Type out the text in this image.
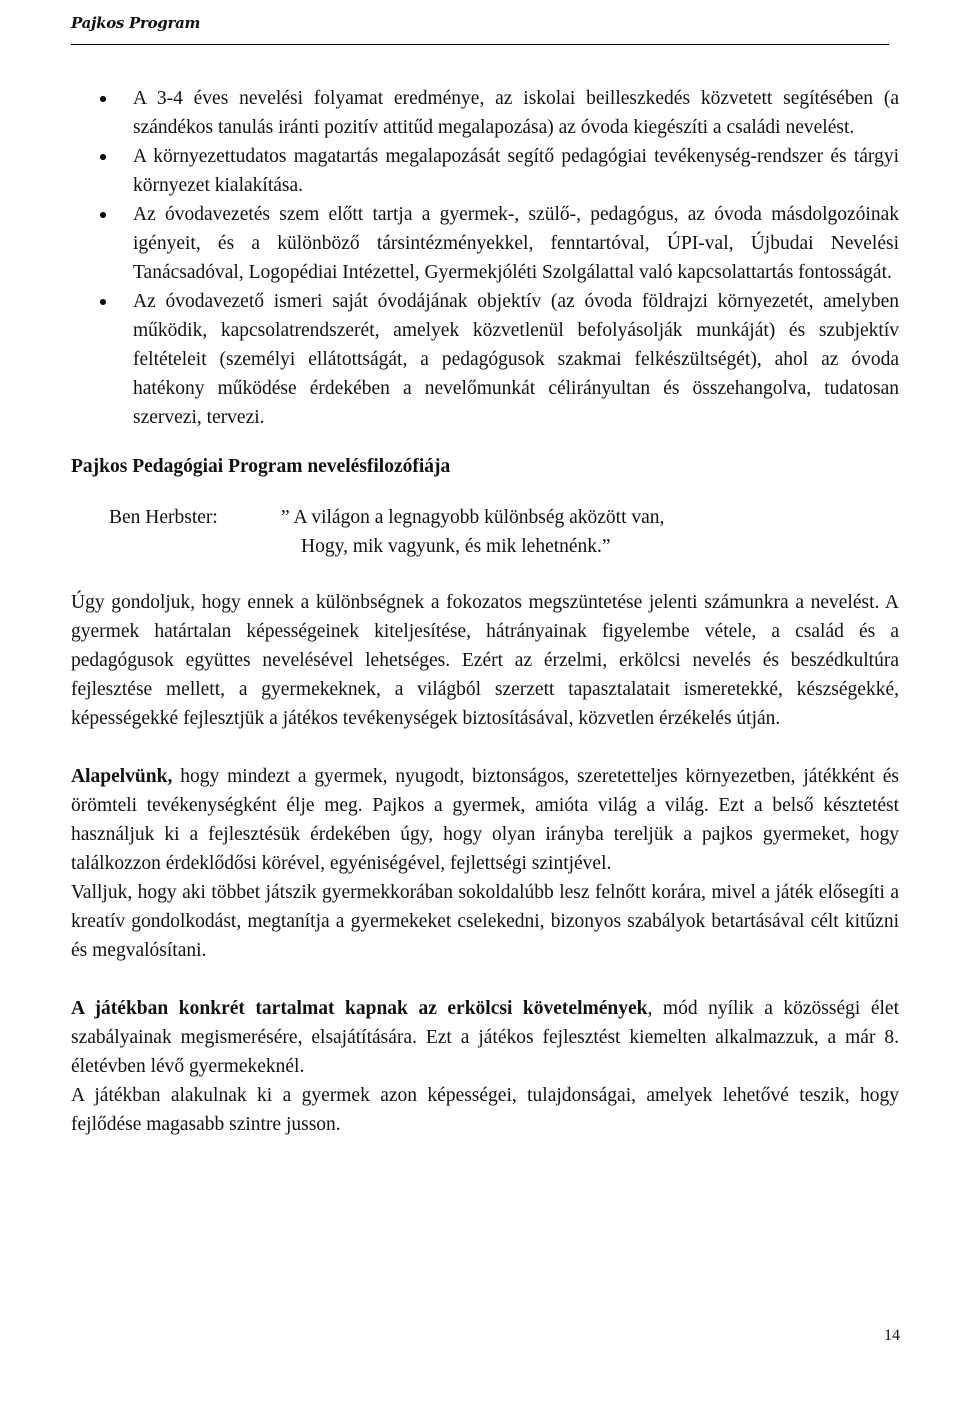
Pajkos Program
A 3-4 éves nevelési folyamat eredménye, az iskolai beilleszkedés közvetett segítésében (a szándékos tanulás iránti pozitív attitűd megalapozása) az óvoda kiegészíti a családi nevelést.
A környezettudatos magatartás megalapozását segítő pedagógiai tevékenység-rendszer és tárgyi környezet kialakítása.
Az óvodavezetés szem előtt tartja a gyermek-, szülő-, pedagógus, az óvoda másdolgozóinak igényeit, és a különböző társintézményekkel, fenntartóval, ÚPI-val, Újbudai Nevelési Tanácsadóval, Logopédiai Intézettel, Gyermekjóléti Szolgálattal való kapcsolattartás fontosságát.
Az óvodavezető ismeri saját óvodájának objektív (az óvoda földrajzi környezetét, amelyben működik, kapcsolatrendszerét, amelyek közvetlenül befolyásolják munkáját) és szubjektív feltételeit (személyi ellátottságát, a pedagógusok szakmai felkészültségét), ahol az óvoda hatékony működése érdekében a nevelőmunkát célirányultan és összehangolva, tudatosan szervezi, tervezi.

Pajkos Pedagógiai Program nevelésfilozófiája

Ben Herbster:	” A világon a legnagyobb különbség aközött van,
Hogy, mik vagyunk, és mik lehetnénk.”

Úgy gondoljuk, hogy ennek a különbségnek a fokozatos megszüntetése jelenti számunkra a nevelést. A gyermek határtalan képességeinek kiteljesítése, hátrányainak figyelembe vétele, a család és a pedagógusok együttes nevelésével lehetséges. Ezért az érzelmi, erkölcsi nevelés és beszédkultúra fejlesztése mellett, a gyermekeknek, a világból szerzett tapasztalatait ismeretekké, készségekké, képességekké fejlesztjük a játékos tevékenységek biztosításával, közvetlen érzékelés útján.

Alapelvünk, hogy mindezt a gyermek, nyugodt, biztonságos, szeretetteljes környezetben, játékként és örömteli tevékenységként élje meg. Pajkos a gyermek, amióta világ a világ. Ezt a belső késztetést használjuk ki a fejlesztésük érdekében úgy, hogy olyan irányba tereljük a pajkos gyermeket, hogy találkozzon érdeklődősi körével, egyéniségével, fejlettségi szintjével.

Valljuk, hogy aki többet játszik gyermekkorában sokoldalúbb lesz felnőtt korára, mivel a játék elősegíti a kreatív gondolkodást, megtanítja a gyermekeket cselekedni, bizonyos szabályok betartásával célt kitűzni és megvalósítani.

A játékban konkrét tartalmat kapnak az erkölcsi követelmények, mód nyílik a közösségi élet szabályainak megismerésére, elsajátítására. Ezt a játékos fejlesztést kiemelten alkalmazzuk, a már 8. életévben lévő gyermekeknél.

A játékban alakulnak ki a gyermek azon képességei, tulajdonságai, amelyek lehetővé teszik, hogy fejlődése magasabb szintre jusson.

14
